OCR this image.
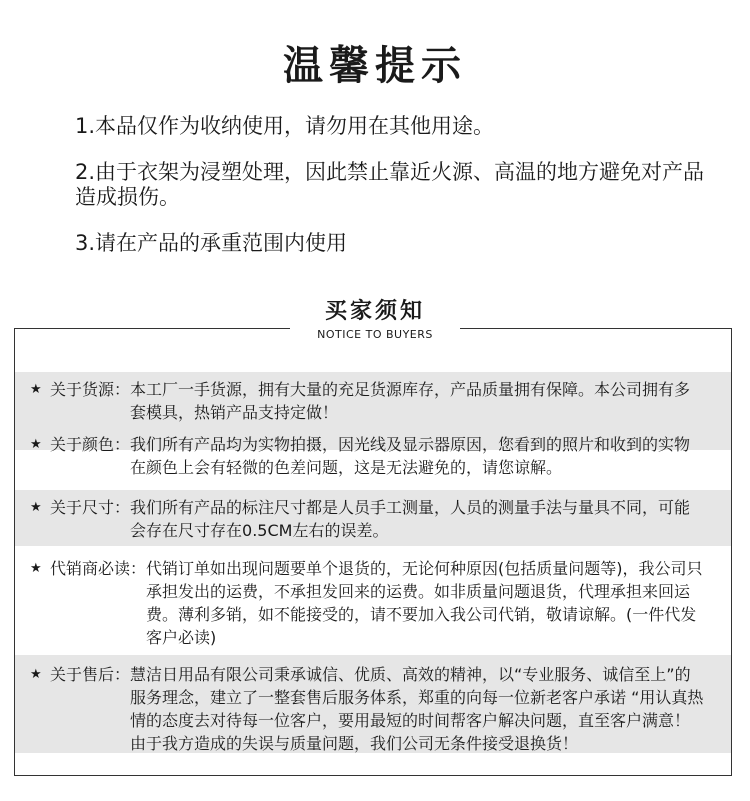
温馨提示

1.本品仅作为收纳使用，请勿用在其他用途。

2.由于衣架为浸塑处理，因此禁止靠近火源、高温的地方避免对产品造成损伤。

3.请在产品的承重范围内使用

买家须知
NOTICE TO BUYERS
★ 关于货源： 本工厂一手货源，拥有大量的充足货源库存，产品质量拥有保障。本公司拥有多套模具，热销产品支持定做！
★ 关于颜色： 我们所有产品均为实物拍摄，因光线及显示器原因，您看到的照片和收到的实物在颜色上会有轻微的色差问题，这是无法避免的，请您谅解。
★ 关于尺寸： 我们所有产品的标注尺寸都是人员手工测量，人员的测量手法与量具不同，可能会存在尺寸存在0.5CM左右的误差。
★ 代销商必读： 代销订单如出现问题要单个退货的，无论何种原因(包括质量问题等)，我公司只承担发出的运费，不承担发回来的运费。如非质量问题退货，代理承担来回运费。薄利多销，如不能接受的，请不要加入我公司代销，敬请谅解。(一件代发客户必读)
★ 关于售后： 慧洁日用品有限公司秉承诚信、优质、高效的精神，以“专业服务、诚信至上”的服务理念，建立了一整套售后服务体系，郑重的向每一位新老客户承诺 “用认真热情的态度去对待每一位客户，要用最短的时间帮客户解决问题，直至客户满意！由于我方造成的失误与质量问题，我们公司无条件接受退换货！
